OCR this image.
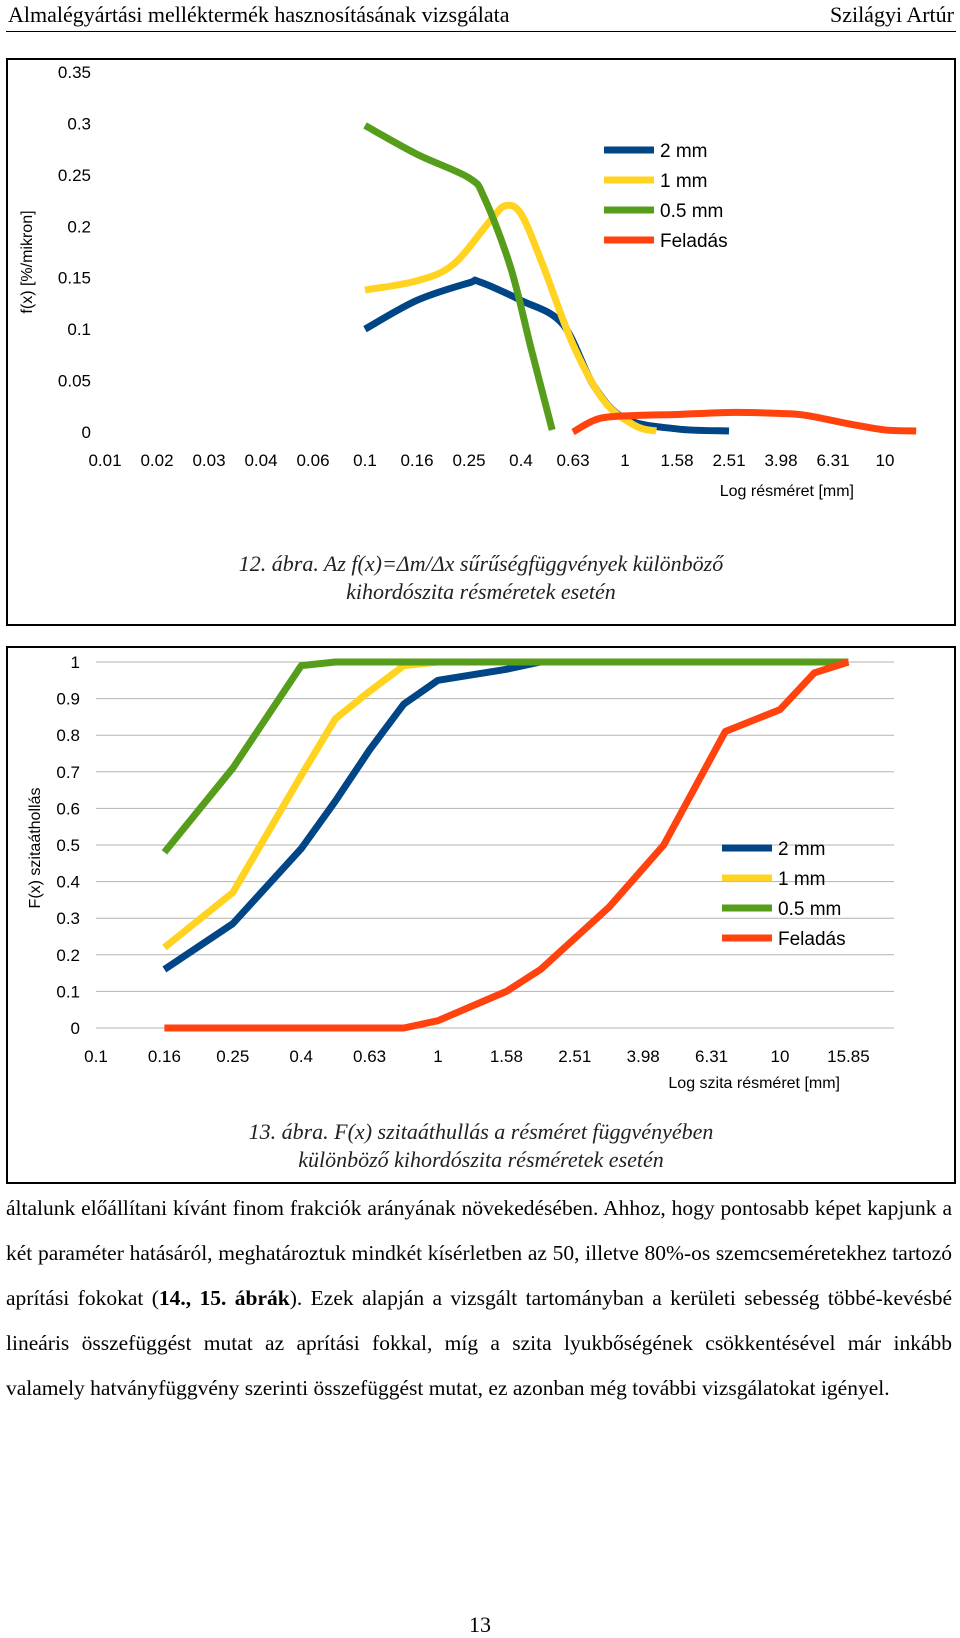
Almalégyártási melléktermék hasznosításának vizsgálata	Szilágyi Artúr
0
0.05
0.1
0.15
0.2
0.25
0.3
0.35
0.01 0.02 0.03 0.04 0.06 0.1 0.16 0.25 0.4 0.63 1 1.58 2.51 3.98 6.31 10
Log résméret [mm]
f(x) [%/mikron]
2 mm
1 mm
0.5 mm
Feladás
12. ábra. Az f(x)=Δm/Δx sűrűségfüggvények különböző
kihordószita résméretek esetén
0
0.1
0.2
0.3
0.4
0.5
0.6
0.7
0.8
0.9
1
0.1 0.16 0.25 0.4 0.63	1	1.58 2.51 3.98 6.31 10 15.85
Log szita résméret [mm]
F(x) szitaáthollás	2 mm
1 mm
0.5 mm
Feladás
13. ábra. F(x) szitaáthullás a résméret függvényében
különböző kihordószita résméretek esetén

általunk előállítani kívánt finom frakciók arányának növekedésében. Ahhoz, hogy pontosabb képet kapjunk a két paraméter hatásáról, meghatároztuk mindkét kísérletben az 50, illetve 80%-os szemcseméretekhez tartozó aprítási fokokat (14., 15. ábrák). Ezek alapján a vizsgált tartományban a kerületi sebesség többé-kevésbé lineáris összefüggést mutat az aprítási fokkal, míg a szita lyukbőségének csökkentésével már inkább valamely hatványfüggvény szerinti összefüggést mutat, ez azonban még további vizsgálatokat igényel.

13
